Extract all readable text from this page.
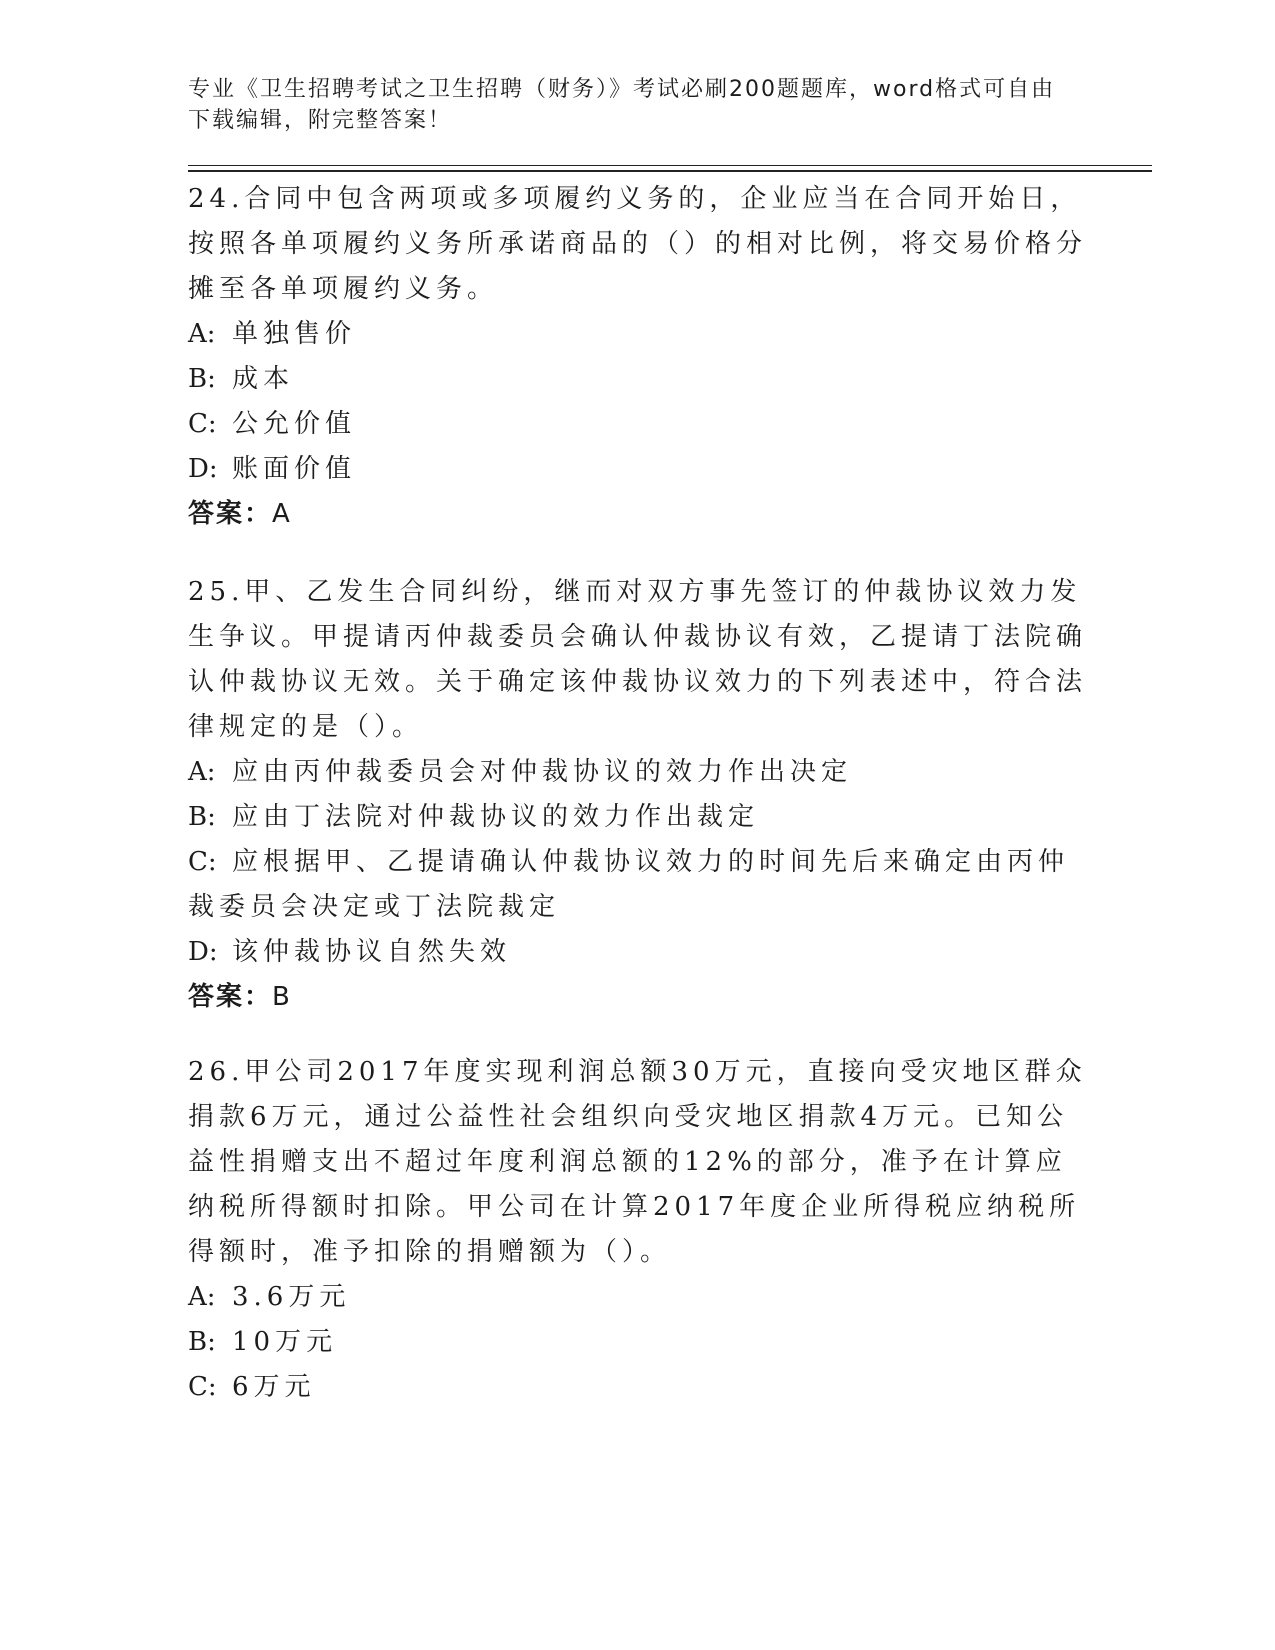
专业《卫生招聘考试之卫生招聘（财务）》考试必刷200题题库，word格式可自由下载编辑，附完整答案！

24.合同中包含两项或多项履约义务的，企业应当在合同开始日，按照各单项履约义务所承诺商品的（）的相对比例，将交易价格分摊至各单项履约义务。

A: 单独售价

B: 成本

C: 公允价值

D: 账面价值

答案：A

25.甲、乙发生合同纠纷，继而对双方事先签订的仲裁协议效力发生争议。甲提请丙仲裁委员会确认仲裁协议有效，乙提请丁法院确认仲裁协议无效。关于确定该仲裁协议效力的下列表述中，符合法律规定的是（）。

A: 应由丙仲裁委员会对仲裁协议的效力作出决定

B: 应由丁法院对仲裁协议的效力作出裁定

C: 应根据甲、乙提请确认仲裁协议效力的时间先后来确定由丙仲裁委员会决定或丁法院裁定

D: 该仲裁协议自然失效

答案：B

26.甲公司2017年度实现利润总额30万元，直接向受灾地区群众捐款6万元，通过公益性社会组织向受灾地区捐款4万元。已知公益性捐赠支出不超过年度利润总额的12%的部分，准予在计算应纳税所得额时扣除。甲公司在计算2017年度企业所得税应纳税所得额时，准予扣除的捐赠额为（）。

A: 3.6万元

B: 10万元

C: 6万元
